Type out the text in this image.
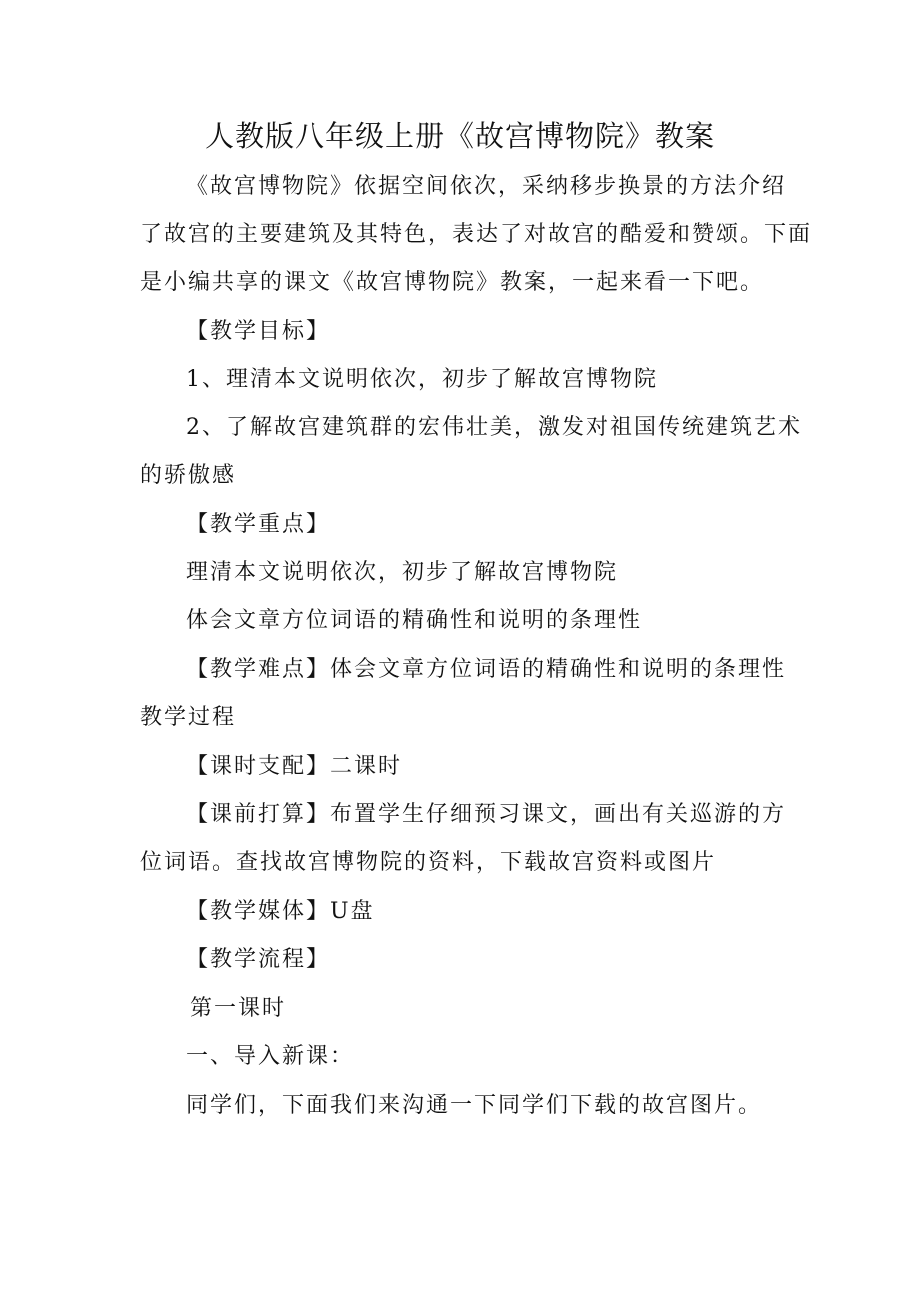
人教版八年级上册《故宫博物院》教案
《故宫博物院》依据空间依次，采纳移步换景的方法介绍
了故宫的主要建筑及其特色，表达了对故宫的酷爱和赞颂。下面
是小编共享的课文《故宫博物院》教案，一起来看一下吧。
【教学目标】
1、理清本文说明依次，初步了解故宫博物院
2、了解故宫建筑群的宏伟壮美，激发对祖国传统建筑艺术
的骄傲感
【教学重点】
理清本文说明依次，初步了解故宫博物院
体会文章方位词语的精确性和说明的条理性
【教学难点】体会文章方位词语的精确性和说明的条理性
教学过程
【课时支配】二课时
【课前打算】布置学生仔细预习课文，画出有关巡游的方
位词语。查找故宫博物院的资料，下载故宫资料或图片
【教学媒体】U盘
【教学流程】
第一课时
一、导入新课：
同学们，下面我们来沟通一下同学们下载的故宫图片。
